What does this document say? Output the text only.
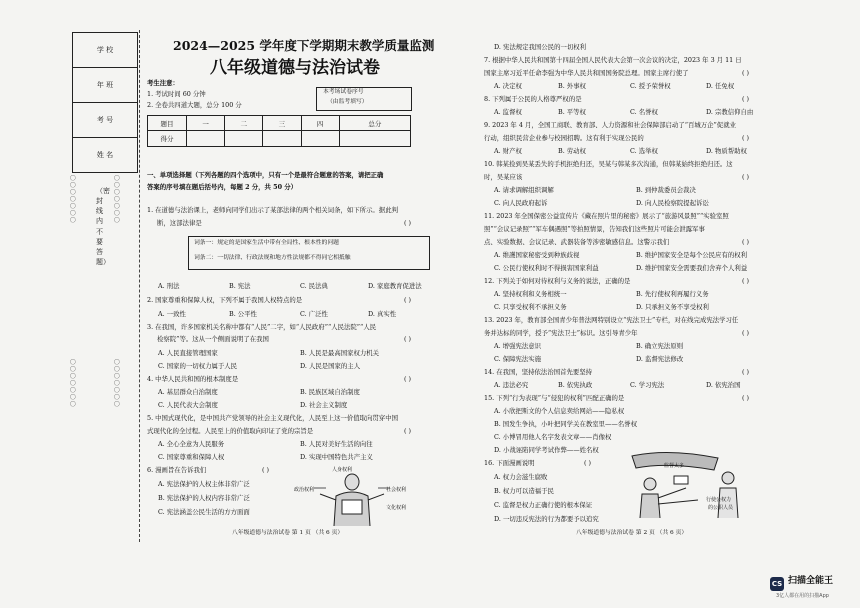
学 校
年 班
考 号
姓 名
〇〇〇〇〇〇〇
（密 封 线 内 不 要 答 题）
〇〇〇〇〇〇〇
〇〇〇〇〇〇〇
〇〇〇〇〇〇〇
2024—2025 学年度下学期期末教学质量监测
八年级道德与法治试卷
考生注意：
1. 考试时间 60 分钟
2. 全卷共四道大题，总分 100 分
本考场试卷序号
（由监考填写）
题目	一	二	三	四	总分
得分					
一、单项选择题（下列各题的四个选项中，只有一个是最符合题意的答案，请把正确
答案的序号填在题后括号内，每题 2 分，共 50 分）
1. 在道德与法治课上，老师向同学们出示了某部法律的两个相关词条，如下所示。据此判
断，这部法律是	( )
词条一：规定的是国家生活中带有全局性、根本性的问题
词条二：一切法律、行政法规和地方性法规都不得同它相抵触
A. 刑法	B. 宪法	C. 民法典	D. 家庭教育促进法
2. 国家尊重和保障人权，下列不属于我国人权特点的是	( )
A. 一致性	B. 公平性	C. 广泛性	D. 真实性
3. 在我国，许多国家机关名称中都有“人民”二字，如“人民政府”“人民法院”“人民
检察院”等。这从一个侧面说明了在我国	( )
A. 人民直接管理国家	B. 人民是最高国家权力机关
C. 国家的一切权力属于人民	D. 人民是国家的主人
4. 中华人民共和国的根本制度是	( )
A. 基层群众自治制度	B. 民族区域自治制度
C. 人民代表大会制度	D. 社会主义制度
5. 中国式现代化，是中国共产党领导的社会主义现代化，人民至上这一价值取向贯穿中国
式现代化的全过程。人民至上的价值取向印证了党的宗旨是	( )
A. 全心全意为人民服务	B. 人民对美好生活的向往
C. 国家尊重和保障人权	D. 实现中国特色共产主义
6. 漫画旨在告诉我们	( )
A. 宪法保护的人权主体非常广泛
B. 宪法保护的人权内容非常广泛
C. 宪法涵盖公民生活的方方面面
人身权利
政治权利	社会权利
文化权利
八年级道德与法治试卷 第 1 页 （共 6 页）
D. 宪法规定我国公民的一切权利
7. 根据中华人民共和国第十四届全国人民代表大会第一次会议的决定，2023 年 3 月 11 日
国家主席习近平任命李强为中华人民共和国国务院总理。国家主席行使了	( )
A. 决定权	B. 外事权	C. 授予荣誉权	D. 任免权
8. 下列属于公民的人格尊严权的是	( )
A. 监督权	B. 平等权	C. 名誉权	D. 宗教信仰自由
9. 2023 年 4 月，全国工商联、教育部、人力资源和社会保障部启动了“百城万企”促就业
行动，组织民营企业参与校园招聘。这有利于实现公民的	( )
A. 财产权	B. 劳动权	C. 选举权	D. 物质帮助权
10. 韩某捡到吴某丢失的手机拒绝归还，吴某与韩某多次沟通，但韩某始终拒绝归还。这
时，吴某应该	( )
A. 请求调解组织调解	B. 到仲裁委员会裁决
C. 向人民政府起诉	D. 向人民检察院提起诉讼
11. 2023 年全国保密公益宣传片《藏在照片里的秘密》展示了“旅游风景照”“实验室照
照”“会议记录照”“军车偶遇照”等拍照情景，告知我们这些照片可能会泄露军事
点、实验数据、会议记录、武器装备等涉密敏感信息。这警示我们	( )
A. 维護国家秘密受到种族歧视	B. 维护国家安全是每个公民应有的权利
C. 公民行使权利时不得损害国家利益	D. 维护国家安全需要我们舍弃个人利益
12. 下列关于如何对待权利与义务的说法，正确的是	( )
A. 坚持权利和义务相统一	B. 先行使权利再履行义务
C. 只享受权利不承担义务	D. 只承担义务不享受权利
13. 2023 年，教育部全国青少年普法网特别设立“宪法卫士”专栏，对在线完成宪法学习任
务并达标的同学，授予“宪法卫士”标识。这引导青少年	( )
A. 增强宪法意识	B. 确立宪法原则
C. 保障宪法实施	D. 监督宪法修改
14. 在我国，坚持依法治国首先要坚持	( )
A. 违法必究	B. 依宪执政	C. 学习宪法	D. 依宪治国
15. 下列“行为表现”与“侵犯的权利”匹配正确的是	( )
A. 小欣把斯文的个人信息卖给网站——隐私权
B. 国发生争执，小叶把同学关在教室里——名誉权
C. 小博冒用他人名字发表文章——肖像权
D. 小战诬陷同学考试作弊——姓名权
16. 下面漫画说明	( )
A. 权力会滋生腐败
B. 权力可以造福于民
C. 监督是权力正确行使的根本保证
D. 一切违反宪法的行为都要予以追究
监督太多
行使公权力
的公职人员
八年级道德与法治试卷 第 2 页 （共 6 页）
CS 扫描全能王
3亿人都在用的扫描App
